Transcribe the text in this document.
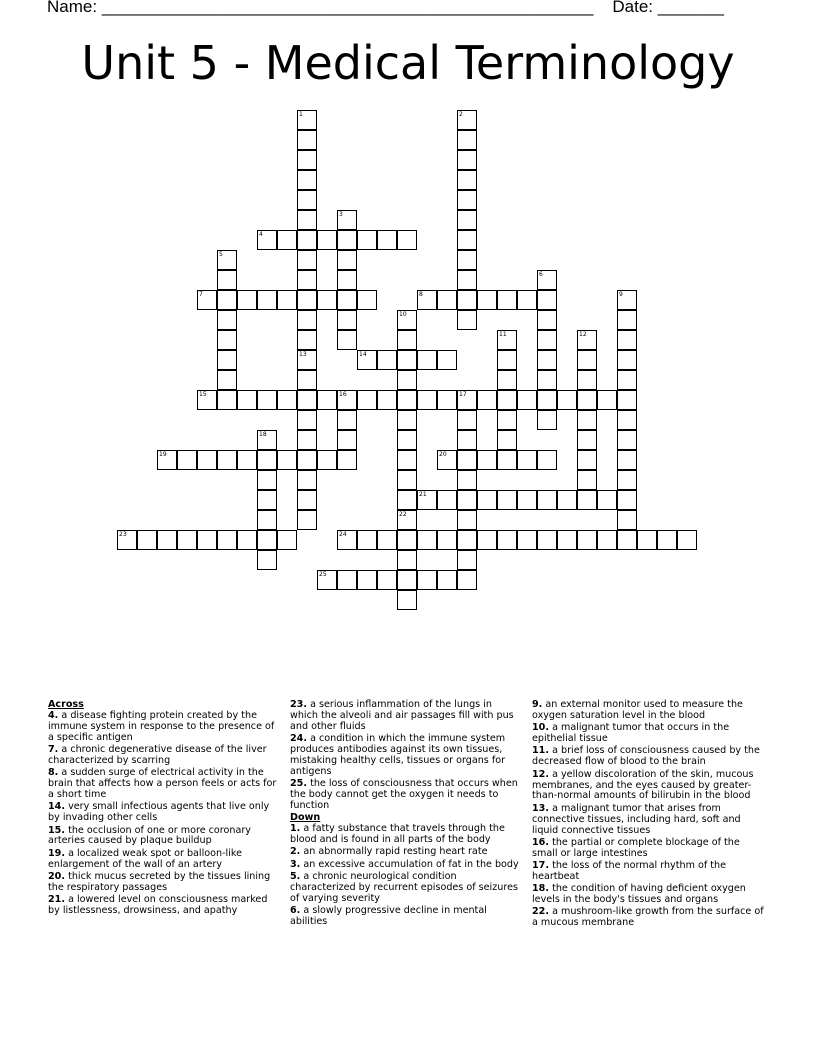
Name: ____________________________________________________ Date: _______
Unit 5 - Medical Terminology
4
7	8
14
15	16	17
19	20
21
23	24
25
1
13
2
3
5
6
9
10
22
11	12
18
Across
4. a disease fighting protein created by the immune system in response to the presence of a specific antigen
7. a chronic degenerative disease of the liver characterized by scarring
8. a sudden surge of electrical activity in the brain that affects how a person feels or acts for a short time
14. very small infectious agents that live only by invading other cells
15. the occlusion of one or more coronary arteries caused by plaque buildup
19. a localized weak spot or balloon-like enlargement of the wall of an artery
20. thick mucus secreted by the tissues lining the respiratory passages
21. a lowered level on consciousness marked by listlessness, drowsiness, and apathy
23. a serious inflammation of the lungs in which the alveoli and air passages fill with pus and other fluids
24. a condition in which the immune system produces antibodies against its own tissues, mistaking healthy cells, tissues or organs for antigens
25. the loss of consciousness that occurs when the body cannot get the oxygen it needs to function
Down
1. a fatty substance that travels through the blood and is found in all parts of the body
2. an abnormally rapid resting heart rate
3. an excessive accumulation of fat in the body
5. a chronic neurological condition characterized by recurrent episodes of seizures of varying severity
6. a slowly progressive decline in mental abilities
9. an external monitor used to measure the oxygen saturation level in the blood
10. a malignant tumor that occurs in the epithelial tissue
11. a brief loss of consciousness caused by the decreased flow of blood to the brain
12. a yellow discoloration of the skin, mucous membranes, and the eyes caused by greater-than-normal amounts of bilirubin in the blood
13. a malignant tumor that arises from connective tissues, including hard, soft and liquid connective tissues
16. the partial or complete blockage of the small or large intestines
17. the loss of the normal rhythm of the heartbeat
18. the condition of having deficient oxygen levels in the body's tissues and organs
22. a mushroom-like growth from the surface of a mucous membrane
